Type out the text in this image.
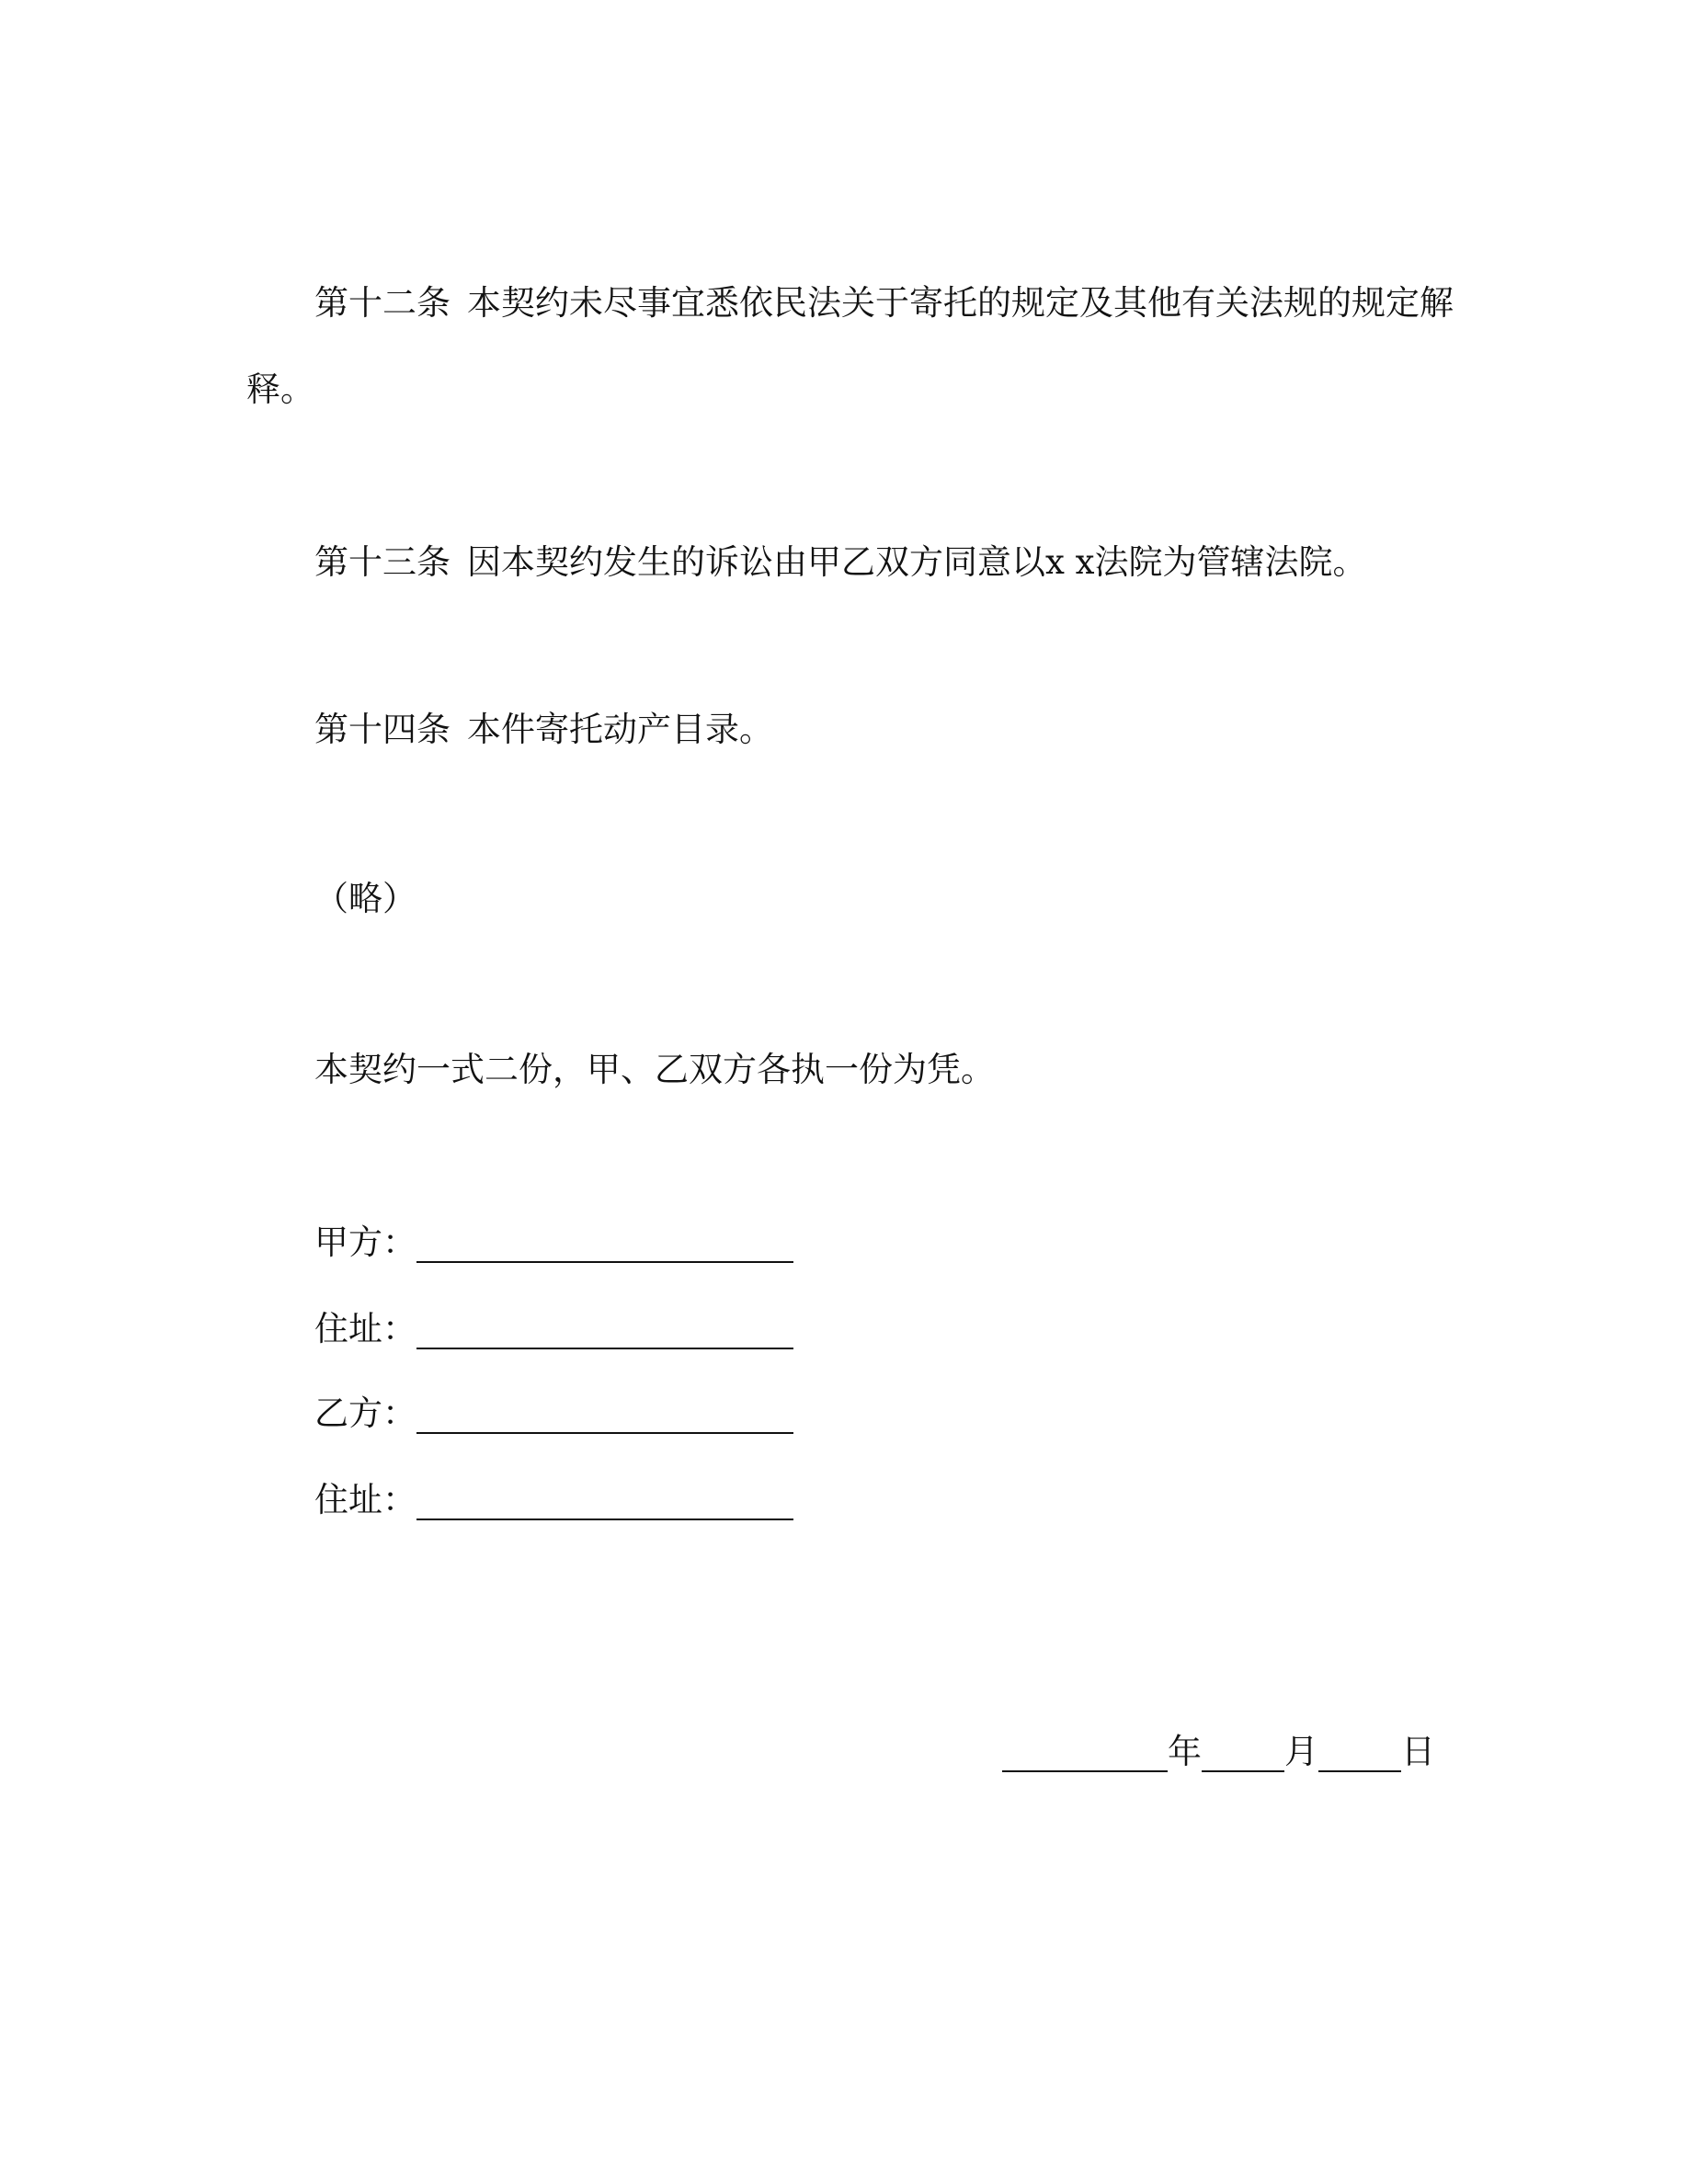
第十二条 本契约未尽事宜悉依民法关于寄托的规定及其他有关法规的规定解
释。
第十三条 因本契约发生的诉讼由甲乙双方同意以x x法院为管辖法院。
第十四条 本件寄托动产目录。
（略）
本契约一式二份，甲、乙双方各执一份为凭。
甲方：
住址：
乙方：
住址：
年 月 日
